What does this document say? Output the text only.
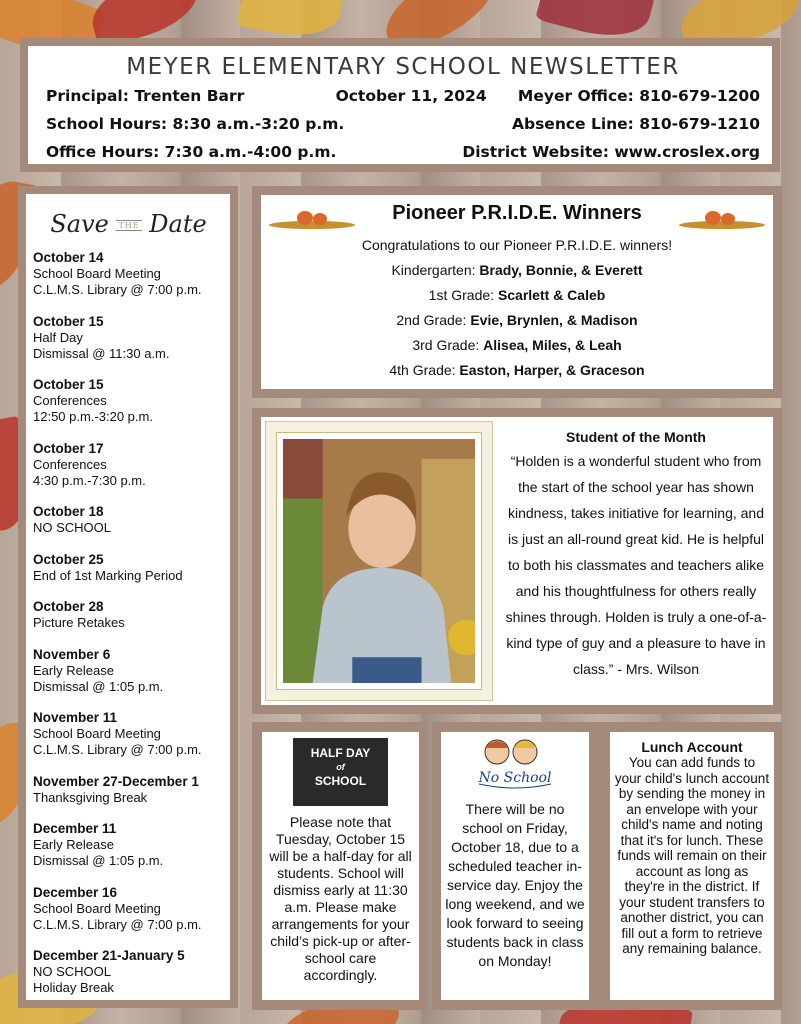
MEYER ELEMENTARY SCHOOL NEWSLETTER
Principal: Trenten Barr	October 11, 2024 Meyer Office: 810-679-1200
School Hours: 8:30 a.m.-3:20 p.m.	Absence Line: 810-679-1210
Office Hours: 7:30 a.m.-4:00 p.m.	District Website: www.croslex.org
Save THE Date
October 14
School Board Meeting
C.L.M.S. Library @ 7:00 p.m.
October 15
Half Day
Dismissal @ 11:30 a.m.
October 15
Conferences
12:50 p.m.-3:20 p.m.
October 17
Conferences
4:30 p.m.-7:30 p.m.
October 18
NO SCHOOL
October 25
End of 1st Marking Period
October 28
Picture Retakes
November 6
Early Release
Dismissal @ 1:05 p.m.
November 11
School Board Meeting
C.L.M.S. Library @ 7:00 p.m.
November 27-December 1
Thanksgiving Break
December 11
Early Release
Dismissal @ 1:05 p.m.
December 16
School Board Meeting
C.L.M.S. Library @ 7:00 p.m.
December 21-January 5
NO SCHOOL
Holiday Break
Pioneer P.R.I.D.E. Winners
Congratulations to our Pioneer P.R.I.D.E. winners!
Kindergarten: Brady, Bonnie, & Everett
1st Grade: Scarlett & Caleb
2nd Grade: Evie, Brynlen, & Madison
3rd Grade: Alisea, Miles, & Leah
4th Grade: Easton, Harper, & Graceson
Student of the Month
“Holden is a wonderful student who from the start of the school year has shown kindness, takes initiative for learning, and is just an all-round great kid. He is helpful to both his classmates and teachers alike and his thoughtfulness for others really shines through. Holden is truly a one-of-a-kind type of guy and a pleasure to have in class.” - Mrs. Wilson
HALF DAY
of
SCHOOL
Please note that Tuesday, October 15 will be a half-day for all students. School will dismiss early at 11:30 a.m. Please make arrangements for your child’s pick-up or after-school care accordingly.
No School
There will be no school on Friday, October 18, due to a scheduled teacher in-service day. Enjoy the long weekend, and we look forward to seeing students back in class on Monday!
Lunch Account
You can add funds to your child's lunch account by sending the money in an envelope with your child's name and noting that it's for lunch. These funds will remain on their account as long as they're in the district. If your student transfers to another district, you can fill out a form to retrieve any remaining balance.
